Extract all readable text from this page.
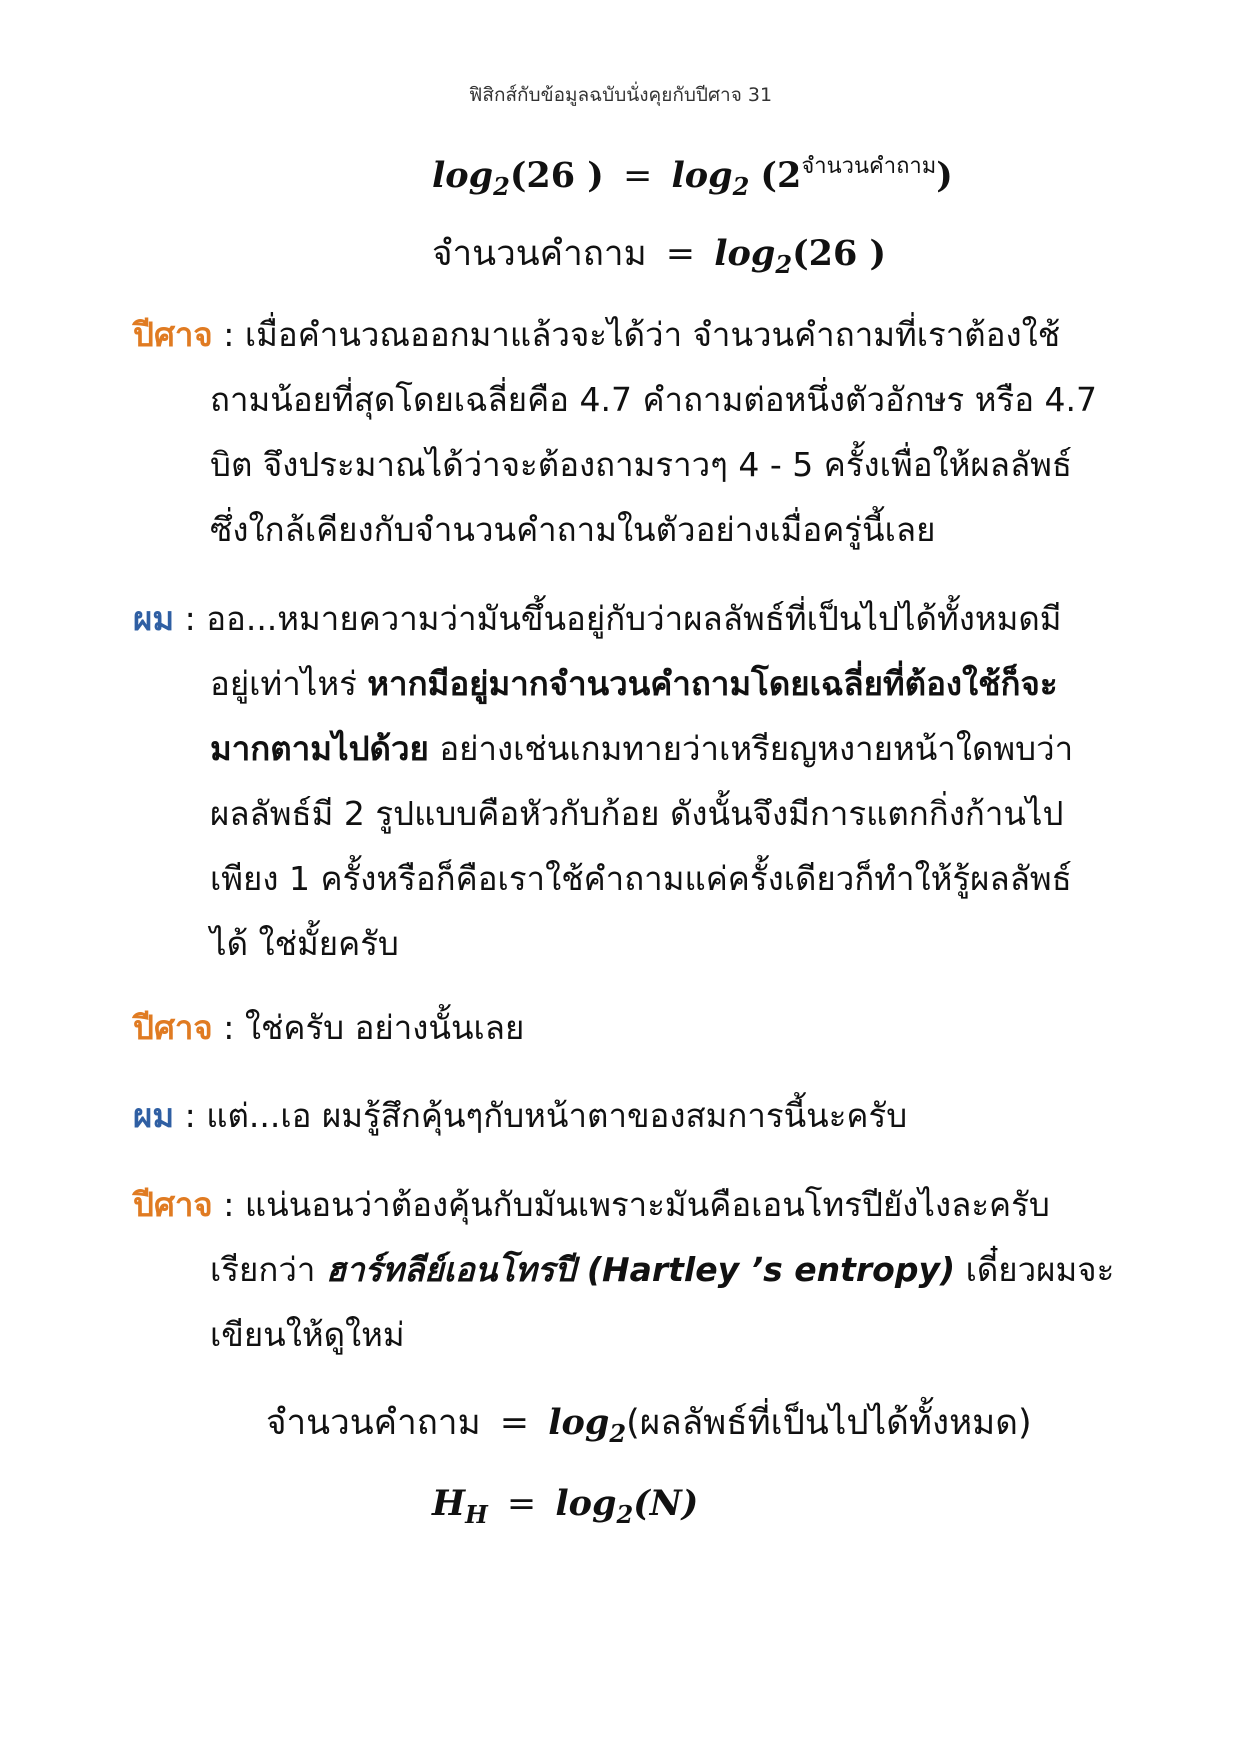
ฟิสิกส์กับข้อมูลฉบับนั่งคุยกับปีศาจ 31
$\log_2(26$ ) = $\log_2 (2^{จำนวนคำถาม})$
จำนวนคำถาม = $\log_2(26$ )
ปีศาจ : เมื่อคำนวณออกมาแล้วจะได้ว่า จำนวนคำถามที่เราต้องใช้
ถามน้อยที่สุดโดยเฉลี่ยคือ 4.7 คำถามต่อหนึ่งตัวอักษร หรือ 4.7
บิต จึงประมาณได้ว่าจะต้องถามราวๆ 4 - 5 ครั้งเพื่อให้ผลลัพธ์
ซึ่งใกล้เคียงกับจำนวนคำถามในตัวอย่างเมื่อครู่นี้เลย
ผม : ออ...หมายความว่ามันขึ้นอยู่กับว่าผลลัพธ์ที่เป็นไปได้ทั้งหมดมี
อยู่เท่าไหร่ หากมีอยู่มากจำนวนคำถามโดยเฉลี่ยที่ต้องใช้ก็จะ
มากตามไปด้วย อย่างเช่นเกมทายว่าเหรียญหงายหน้าใดพบว่า
ผลลัพธ์มี 2 รูปแบบคือหัวกับก้อย ดังนั้นจึงมีการแตกกิ่งก้านไป
เพียง 1 ครั้งหรือก็คือเราใช้คำถามแค่ครั้งเดียวก็ทำให้รู้ผลลัพธ์
ได้ ใช่มั้ยครับ
ปีศาจ : ใช่ครับ อย่างนั้นเลย
ผม : แต่...เอ ผมรู้สึกคุ้นๆกับหน้าตาของสมการนี้นะครับ
ปีศาจ : แน่นอนว่าต้องคุ้นกับมันเพราะมันคือเอนโทรปียังไงละครับ
เรียกว่า ฮาร์ทลีย์เอนโทรปี (Hartley ’s entropy) เดี๋ยวผมจะ
เขียนให้ดูใหม่
จำนวนคำถาม = $\log_2$(ผลลัพธ์ที่เป็นไปได้ทั้งหมด)
$H_H = \log_2(N)$
